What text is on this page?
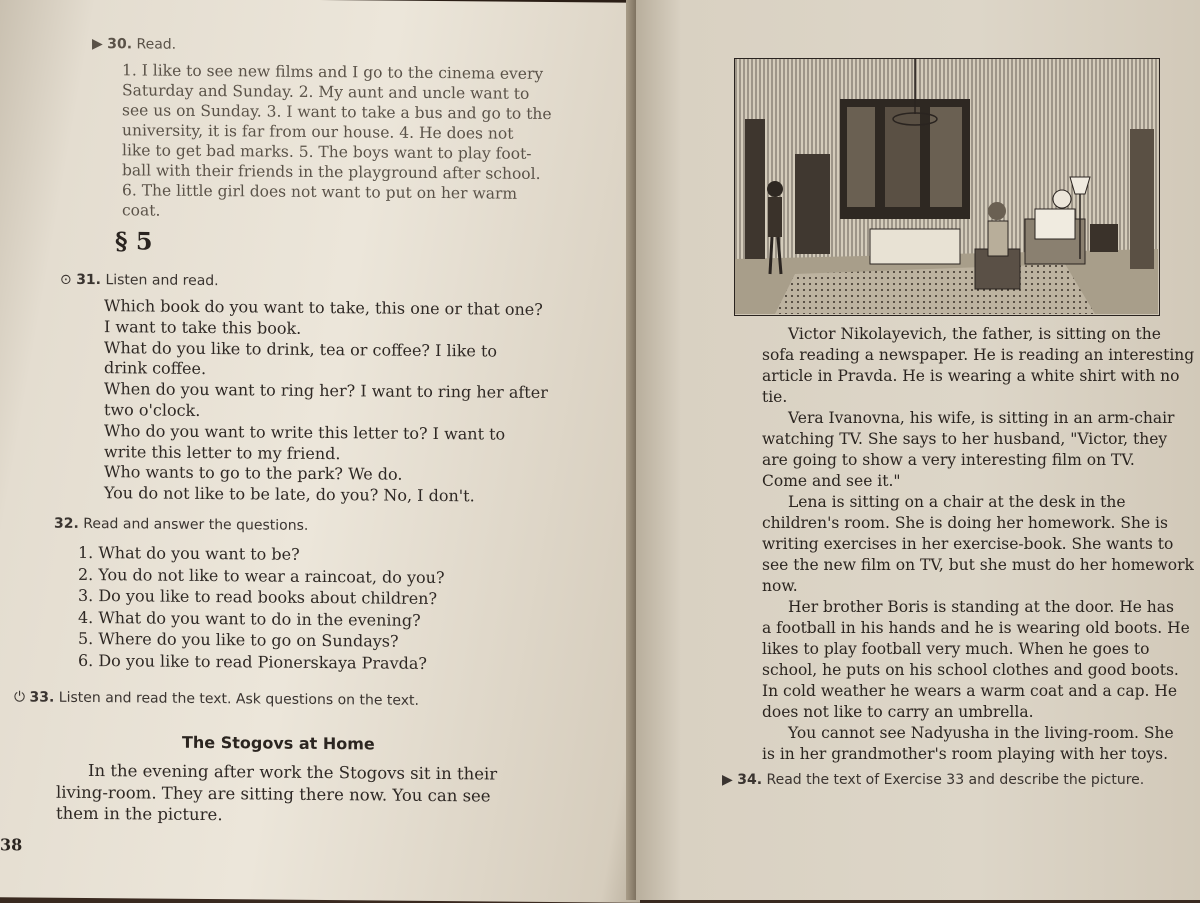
▶ 30. Read.
1. I like to see new films and I go to the cinema every
Saturday and Sunday. 2. My aunt and uncle want to
see us on Sunday. 3. I want to take a bus and go to the
university, it is far from our house. 4. He does not
like to get bad marks. 5. The boys want to play foot-
ball with their friends in the playground after school.
6. The little girl does not want to put on her warm
coat.
§ 5
⊙ 31. Listen and read.
Which book do you want to take, this one or that one?
I want to take this book.
What do you like to drink, tea or coffee? I like to
drink coffee.
When do you want to ring her? I want to ring her after
two o'clock.
Who do you want to write this letter to? I want to
write this letter to my friend.
Who wants to go to the park? We do.
You do not like to be late, do you? No, I don't.
32. Read and answer the questions.
1. What do you want to be?
2. You do not like to wear a raincoat, do you?
3. Do you like to read books about children?
4. What do you want to do in the evening?
5. Where do you like to go on Sundays?
6. Do you like to read Pionerskaya Pravda?
⏻ 33. Listen and read the text. Ask questions on the text.
The Stogovs at Home
In the evening after work the Stogovs sit in their
living-room. They are sitting there now. You can see
them in the picture.
38
Victor Nikolayevich, the father, is sitting on the
sofa reading a newspaper. He is reading an interesting
article in Pravda. He is wearing a white shirt with no
tie.
Vera Ivanovna, his wife, is sitting in an arm-chair
watching TV. She says to her husband, "Victor, they
are going to show a very interesting film on TV.
Come and see it."
Lena is sitting on a chair at the desk in the
children's room. She is doing her homework. She is
writing exercises in her exercise-book. She wants to
see the new film on TV, but she must do her homework
now.
Her brother Boris is standing at the door. He has
a football in his hands and he is wearing old boots. He
likes to play football very much. When he goes to
school, he puts on his school clothes and good boots.
In cold weather he wears a warm coat and a cap. He
does not like to carry an umbrella.
You cannot see Nadyusha in the living-room. She
is in her grandmother's room playing with her toys.
▶ 34. Read the text of Exercise 33 and describe the picture.
